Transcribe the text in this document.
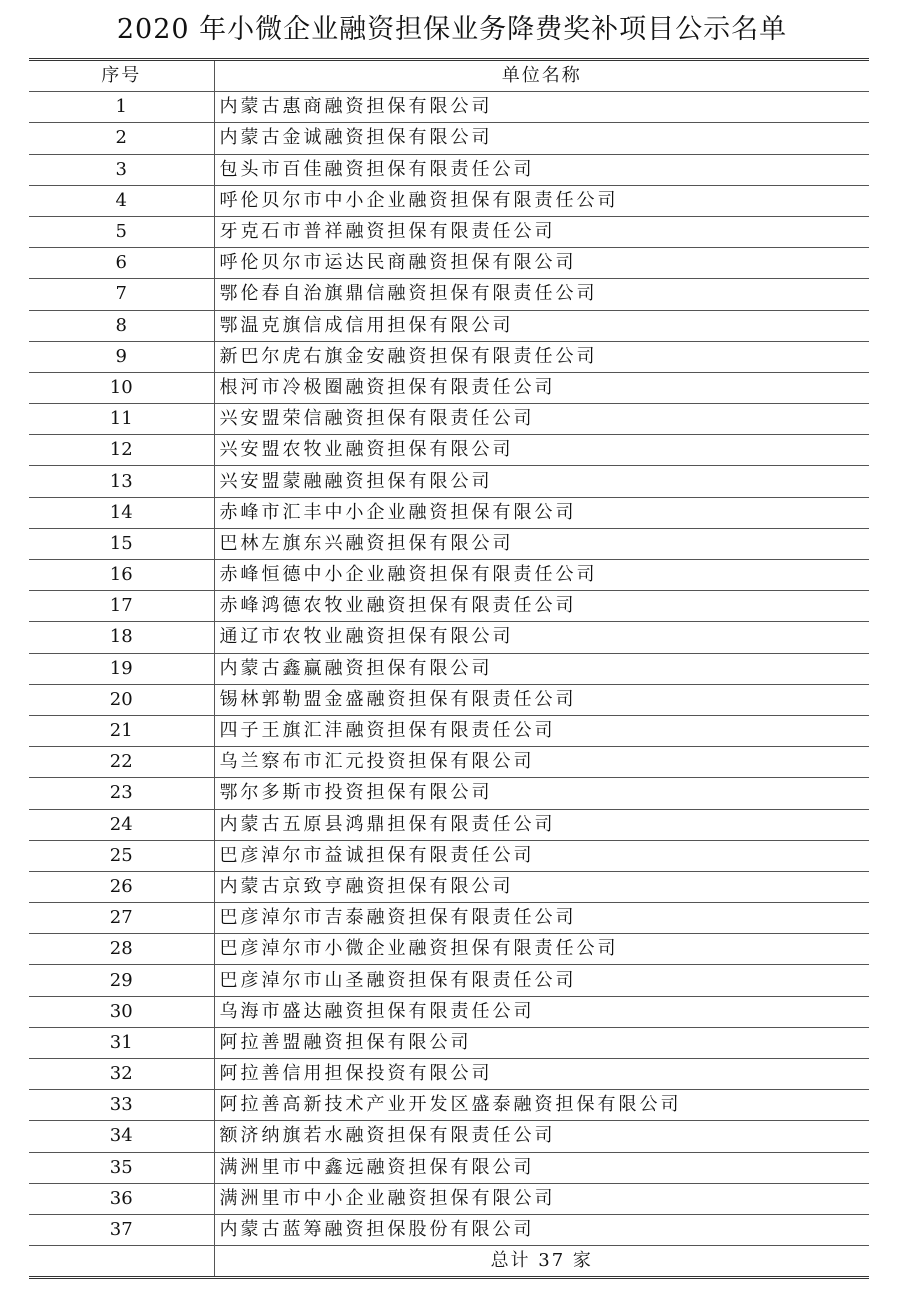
2020 年小微企业融资担保业务降费奖补项目公示名单
序号	单位名称
1	内蒙古惠商融资担保有限公司
2	内蒙古金诚融资担保有限公司
3	包头市百佳融资担保有限责任公司
4	呼伦贝尔市中小企业融资担保有限责任公司
5	牙克石市普祥融资担保有限责任公司
6	呼伦贝尔市运达民商融资担保有限公司
7	鄂伦春自治旗鼎信融资担保有限责任公司
8	鄂温克旗信成信用担保有限公司
9	新巴尔虎右旗金安融资担保有限责任公司
10	根河市冷极圈融资担保有限责任公司
11	兴安盟荣信融资担保有限责任公司
12	兴安盟农牧业融资担保有限公司
13	兴安盟蒙融融资担保有限公司
14	赤峰市汇丰中小企业融资担保有限公司
15	巴林左旗东兴融资担保有限公司
16	赤峰恒德中小企业融资担保有限责任公司
17	赤峰鸿德农牧业融资担保有限责任公司
18	通辽市农牧业融资担保有限公司
19	内蒙古鑫赢融资担保有限公司
20	锡林郭勒盟金盛融资担保有限责任公司
21	四子王旗汇沣融资担保有限责任公司
22	乌兰察布市汇元投资担保有限公司
23	鄂尔多斯市投资担保有限公司
24	内蒙古五原县鸿鼎担保有限责任公司
25	巴彦淖尔市益诚担保有限责任公司
26	内蒙古京致亨融资担保有限公司
27	巴彦淖尔市吉泰融资担保有限责任公司
28	巴彦淖尔市小微企业融资担保有限责任公司
29	巴彦淖尔市山圣融资担保有限责任公司
30	乌海市盛达融资担保有限责任公司
31	阿拉善盟融资担保有限公司
32	阿拉善信用担保投资有限公司
33	阿拉善高新技术产业开发区盛泰融资担保有限公司
34	额济纳旗若水融资担保有限责任公司
35	满洲里市中鑫远融资担保有限公司
36	满洲里市中小企业融资担保有限公司
37	内蒙古蓝筹融资担保股份有限公司
	总计 37 家
